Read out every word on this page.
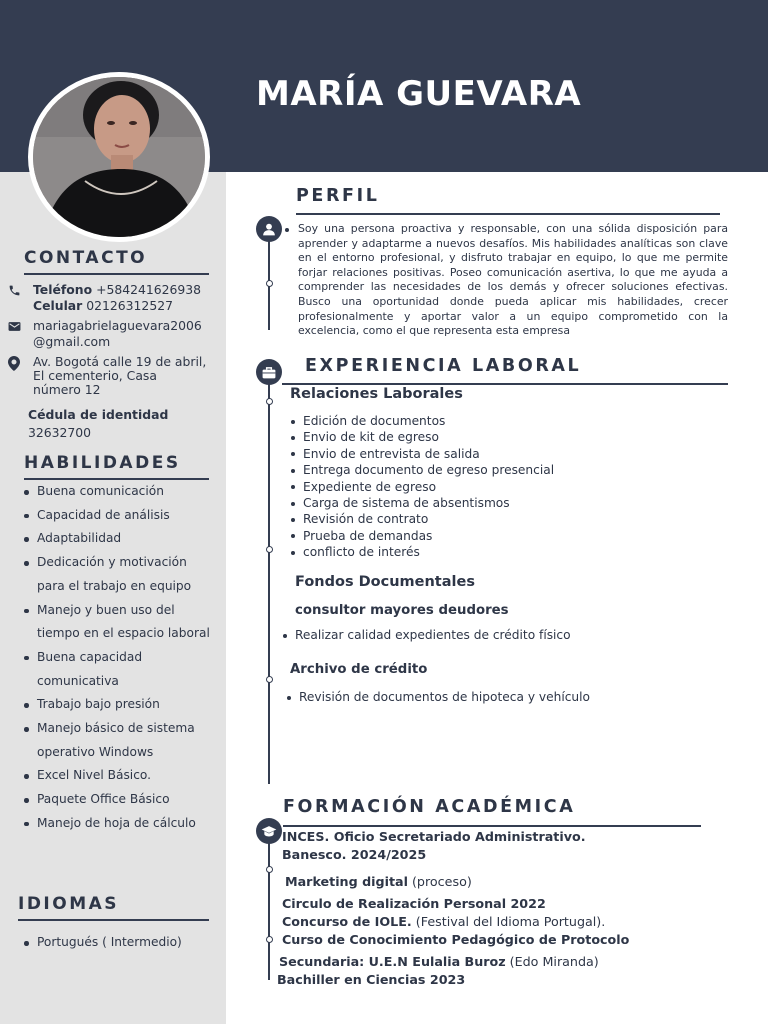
MARÍA GUEVARA
CONTACTO
Teléfono +584241626938
Celular 02126312527
mariagabrielaguevara2006
@gmail.com
Av. Bogotá calle 19 de abril,
El cementerio, Casa
número 12
Cédula de identidad
32632700
HABILIDADES
Buena comunicación
Capacidad de análisis
Adaptabilidad
Dedicación y motivación para el trabajo en equipo
Manejo y buen uso del tiempo en el espacio laboral
Buena capacidad comunicativa
Trabajo bajo presión
Manejo básico de sistema operativo Windows
Excel Nivel Básico.
Paquete Office Básico
Manejo de hoja de cálculo
IDIOMAS
Portugués ( Intermedio)
PERFIL
Soy una persona proactiva y responsable, con una sólida disposición para aprender y adaptarme a nuevos desafíos. Mis habilidades analíticas son clave en el entorno profesional, y disfruto trabajar en equipo, lo que me permite forjar relaciones positivas. Poseo comunicación asertiva, lo que me ayuda a comprender las necesidades de los demás y ofrecer soluciones efectivas. Busco una oportunidad donde pueda aplicar mis habilidades, crecer profesionalmente y aportar valor a un equipo comprometido con la excelencia, como el que representa esta empresa
EXPERIENCIA LABORAL
Relaciones Laborales
Edición de documentos
Envio de kit de egreso
Envio de entrevista de salida
Entrega documento de egreso presencial
Expediente de egreso
Carga de sistema de absentismos
Revisión de contrato
Prueba de demandas
conflicto de interés
Fondos Documentales
consultor mayores deudores
Realizar calidad expedientes de crédito físico
Archivo de crédito
Revisión de documentos de hipoteca y vehículo
FORMACIÓN ACADÉMICA
INCES. Oficio Secretariado Administrativo.
Banesco. 2024/2025
Marketing digital (proceso)
Circulo de Realización Personal 2022
Concurso de IOLE. (Festival del Idioma Portugal).
Curso de Conocimiento Pedagógico de Protocolo
Secundaria: U.E.N Eulalia Buroz (Edo Miranda)
Bachiller en Ciencias 2023
